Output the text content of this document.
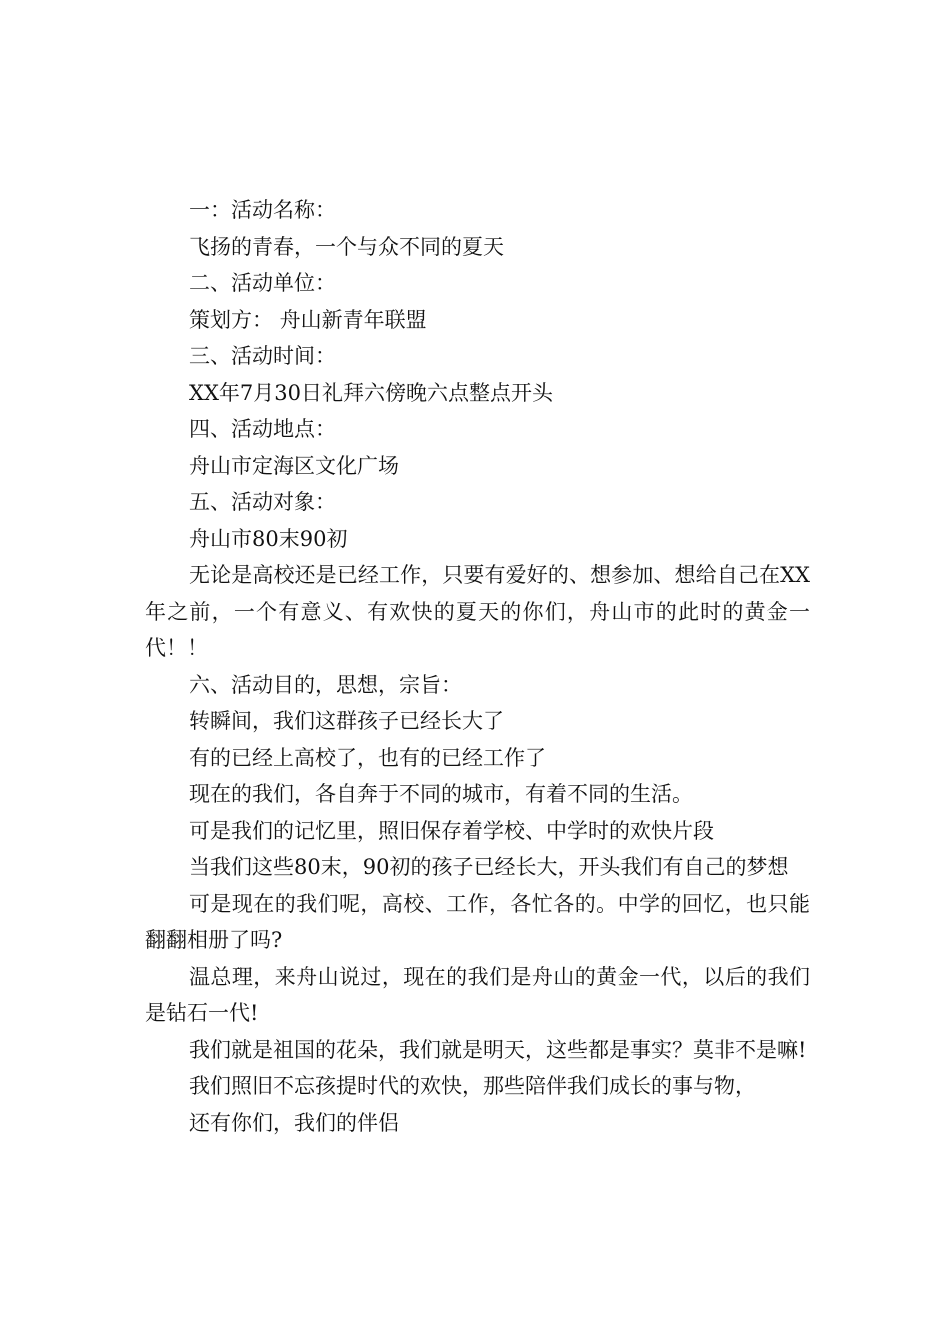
一：活动名称：

飞扬的青春，一个与众不同的夏天

二、活动单位：

策划方： 舟山新青年联盟

三、活动时间：

XX年7月30日礼拜六傍晚六点整点开头

四、活动地点：

舟山市定海区文化广场

五、活动对象：

舟山市80末90初

无论是高校还是已经工作，只要有爱好的、想参加、想给自己在XX年之前，一个有意义、有欢快的夏天的你们，舟山市的此时的黄金一代！！

六、活动目的，思想，宗旨：

转瞬间，我们这群孩子已经长大了

有的已经上高校了，也有的已经工作了

现在的我们，各自奔于不同的城市，有着不同的生活。

可是我们的记忆里，照旧保存着学校、中学时的欢快片段

当我们这些80末，90初的孩子已经长大，开头我们有自己的梦想

可是现在的我们呢，高校、工作，各忙各的。中学的回忆，也只能翻翻相册了吗?

温总理，来舟山说过，现在的我们是舟山的黄金一代，以后的我们是钻石一代!

我们就是祖国的花朵，我们就是明天，这些都是事实？莫非不是嘛!

我们照旧不忘孩提时代的欢快，那些陪伴我们成长的事与物，

还有你们，我们的伴侣
